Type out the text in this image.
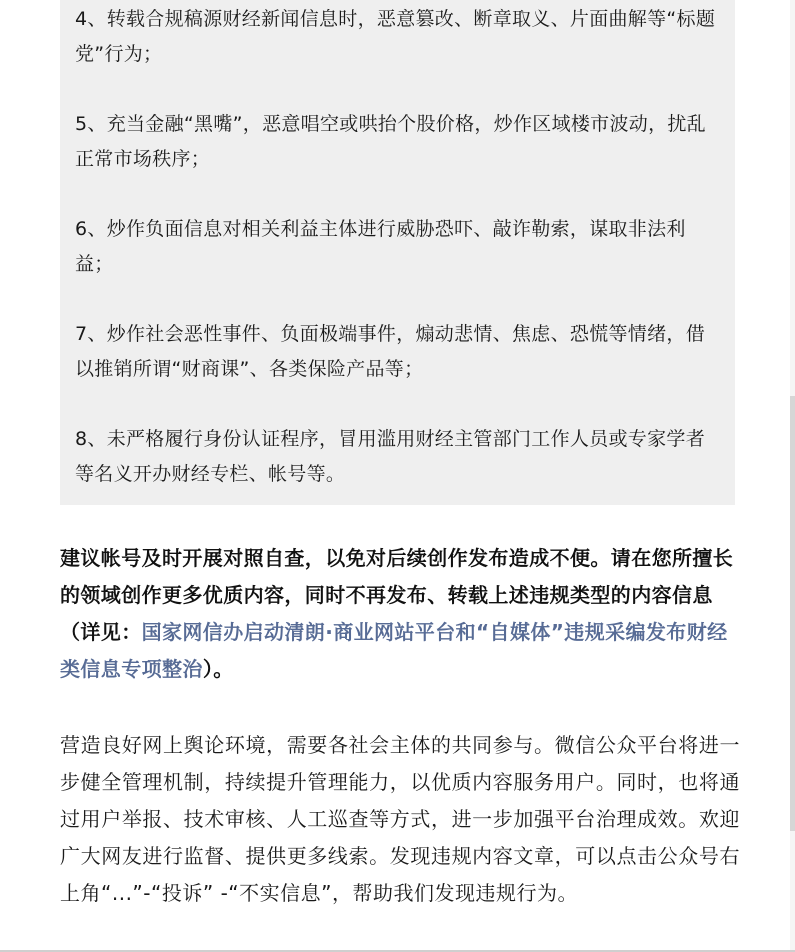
4、转载合规稿源财经新闻信息时，恶意篡改、断章取义、片面曲解等“标题党”行为；

5、充当金融“黑嘴”，恶意唱空或哄抬个股价格，炒作区域楼市波动，扰乱正常市场秩序；

6、炒作负面信息对相关利益主体进行威胁恐吓、敲诈勒索，谋取非法利益；

7、炒作社会恶性事件、负面极端事件，煽动悲情、焦虑、恐慌等情绪，借以推销所谓“财商课”、各类保险产品等；

8、未严格履行身份认证程序，冒用滥用财经主管部门工作人员或专家学者等名义开办财经专栏、帐号等。

建议帐号及时开展对照自查，以免对后续创作发布造成不便。请在您所擅长的领域创作更多优质内容，同时不再发布、转载上述违规类型的内容信息（详见：国家网信办启动清朗·商业网站平台和“自媒体”违规采编发布财经类信息专项整治）。

营造良好网上舆论环境，需要各社会主体的共同参与。微信公众平台将进一步健全管理机制，持续提升管理能力，以优质内容服务用户。同时，也将通过用户举报、技术审核、人工巡查等方式，进一步加强平台治理成效。欢迎广大网友进行监督、提供更多线索。发现违规内容文章，可以点击公众号右上角“...”-“投诉” -“不实信息”，帮助我们发现违规行为。
